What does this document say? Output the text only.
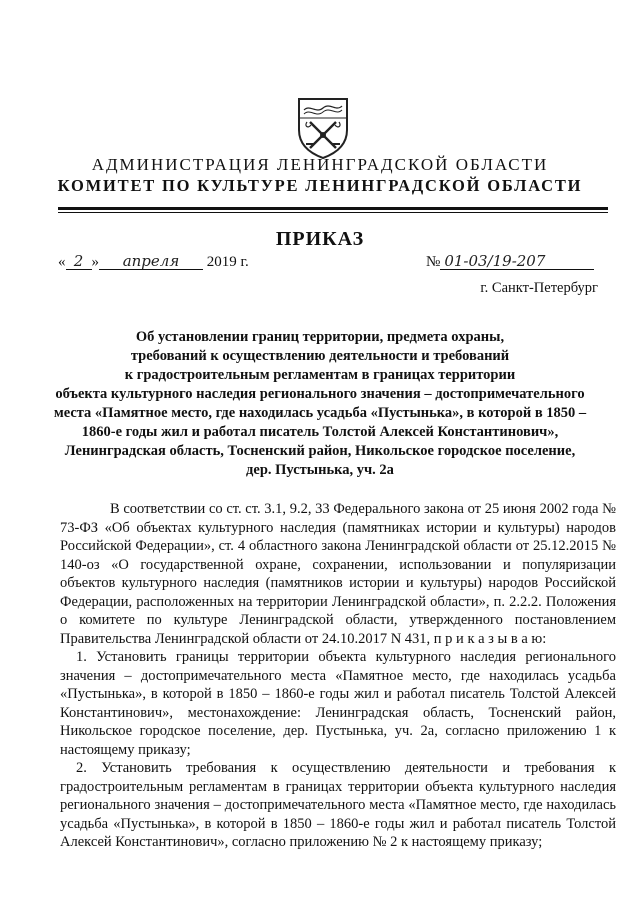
АДМИНИСТРАЦИЯ ЛЕНИНГРАДСКОЙ ОБЛАСТИ
КОМИТЕТ ПО КУЛЬТУРЕ ЛЕНИНГРАДСКОЙ ОБЛАСТИ
ПРИКАЗ
« 2 » апреля 2019 г.	№ 01-03/19-207
г. Санкт-Петербург
Об установлении границ территории, предмета охраны,
требований к осуществлению деятельности и требований
к градостроительным регламентам в границах территории
объекта культурного наследия регионального значения – достопримечательного
места «Памятное место, где находилась усадьба «Пустынька», в которой в 1850 –
1860-е годы жил и работал писатель Толстой Алексей Константинович»,
Ленинградская область, Тосненский район, Никольское городское поселение,
дер. Пустынька, уч. 2а

В соответствии со ст. ст. 3.1, 9.2, 33 Федерального закона от 25 июня 2002 года № 73-ФЗ «Об объектах культурного наследия (памятниках истории и культуры) народов Российской Федерации», ст. 4 областного закона Ленинградской области от 25.12.2015 № 140-оз «О государственной охране, сохранении, использовании и популяризации объектов культурного наследия (памятников истории и культуры) народов Российской Федерации, расположенных на территории Ленинградской области», п. 2.2.2. Положения о комитете по культуре Ленинградской области, утвержденного постановлением Правительства Ленинградской области от 24.10.2017 N 431, п р и к а з ы в а ю:

1. Установить границы территории объекта культурного наследия регионального значения – достопримечательного места «Памятное место, где находилась усадьба «Пустынька», в которой в 1850 – 1860-е годы жил и работал писатель Толстой Алексей Константинович», местонахождение: Ленинградская область, Тосненский район, Никольское городское поселение, дер. Пустынька, уч. 2а, согласно приложению 1 к настоящему приказу;

2. Установить требования к осуществлению деятельности и требования к градостроительным регламентам в границах территории объекта культурного наследия регионального значения – достопримечательного места «Памятное место, где находилась усадьба «Пустынька», в которой в 1850 – 1860-е годы жил и работал писатель Толстой Алексей Константинович», согласно приложению № 2 к настоящему приказу;
